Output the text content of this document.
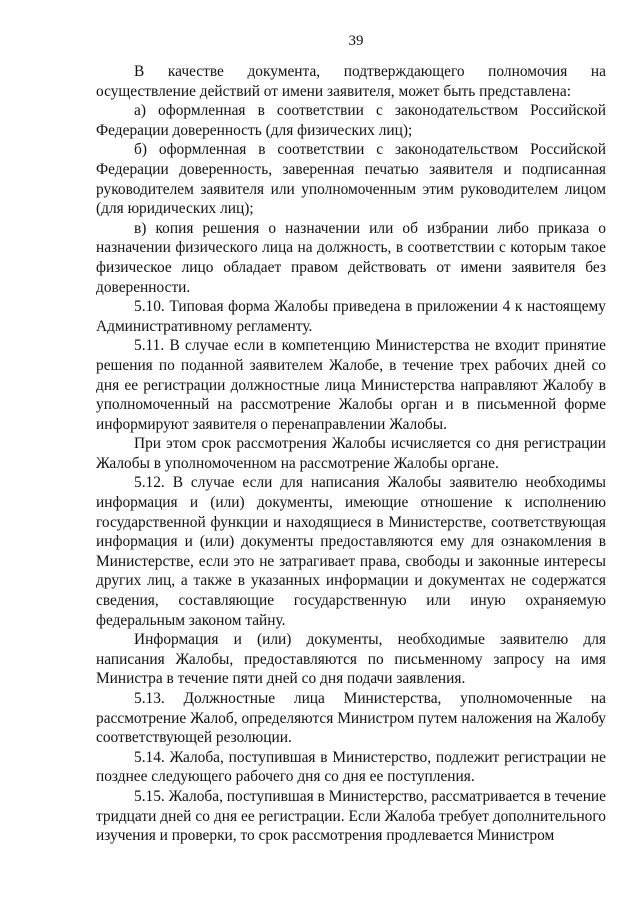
39

В качестве документа, подтверждающего полномочия на осуществление действий от имени заявителя, может быть представлена:

а) оформленная в соответствии с законодательством Российской Федерации доверенность (для физических лиц);

б) оформленная в соответствии с законодательством Российской Федерации доверенность, заверенная печатью заявителя и подписанная руководителем заявителя или уполномоченным этим руководителем лицом (для юридических лиц);

в) копия решения о назначении или об избрании либо приказа о назначении физического лица на должность, в соответствии с которым такое физическое лицо обладает правом действовать от имени заявителя без доверенности.

5.10. Типовая форма Жалобы приведена в приложении 4 к настоящему Административному регламенту.

5.11. В случае если в компетенцию Министерства не входит принятие решения по поданной заявителем Жалобе, в течение трех рабочих дней со дня ее регистрации должностные лица Министерства направляют Жалобу в уполномоченный на рассмотрение Жалобы орган и в письменной форме информируют заявителя о перенаправлении Жалобы.

При этом срок рассмотрения Жалобы исчисляется со дня регистрации Жалобы в уполномоченном на рассмотрение Жалобы органе.

5.12. В случае если для написания Жалобы заявителю необходимы информация и (или) документы, имеющие отношение к исполнению государственной функции и находящиеся в Министерстве, соответствующая информация и (или) документы предоставляются ему для ознакомления в Министерстве, если это не затрагивает права, свободы и законные интересы других лиц, а также в указанных информации и документах не содержатся сведения, составляющие государственную или иную охраняемую федеральным законом тайну.

Информация и (или) документы, необходимые заявителю для написания Жалобы, предоставляются по письменному запросу на имя Министра в течение пяти дней со дня подачи заявления.

5.13. Должностные лица Министерства, уполномоченные на рассмотрение Жалоб, определяются Министром путем наложения на Жалобу соответствующей резолюции.

5.14. Жалоба, поступившая в Министерство, подлежит регистрации не позднее следующего рабочего дня со дня ее поступления.

5.15. Жалоба, поступившая в Министерство, рассматривается в течение тридцати дней со дня ее регистрации. Если Жалоба требует дополнительного изучения и проверки, то срок рассмотрения продлевается Министром
